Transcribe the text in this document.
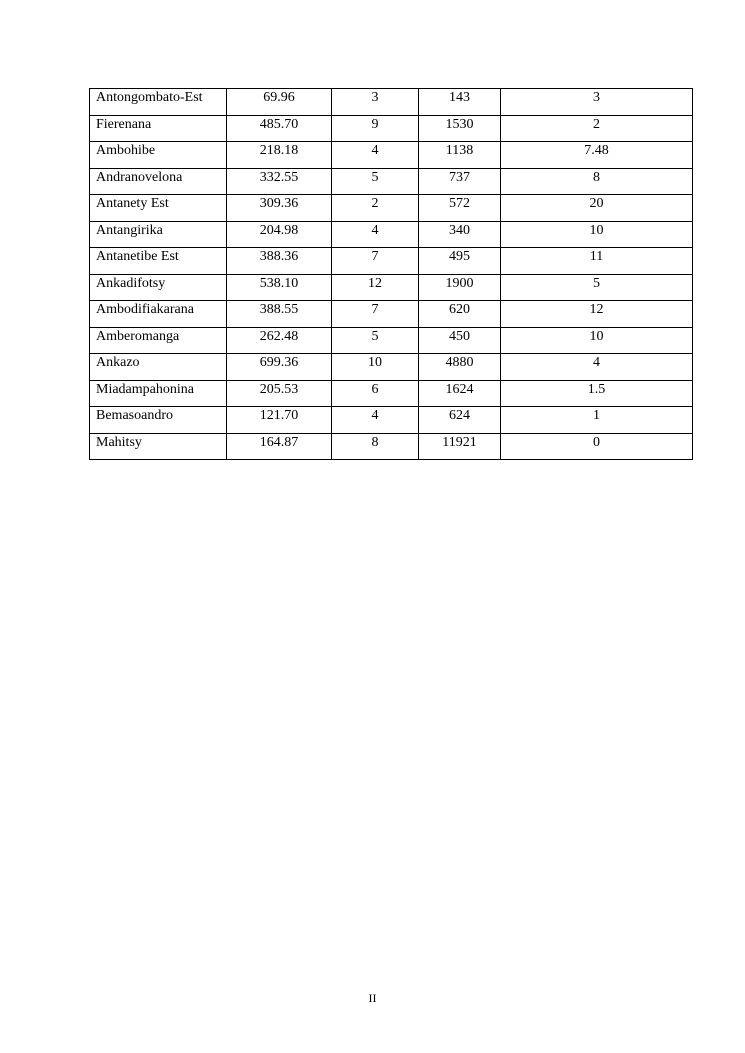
Antongombato-Est	69.96	3	143	3
Fierenana	485.70	9	1530	2
Ambohibe	218.18	4	1138	7.48
Andranovelona	332.55	5	737	8
Antanety Est	309.36	2	572	20
Antangirika	204.98	4	340	10
Antanetibe Est	388.36	7	495	11
Ankadifotsy	538.10	12	1900	5
Ambodifiakarana	388.55	7	620	12
Amberomanga	262.48	5	450	10
Ankazo	699.36	10	4880	4
Miadampahonina	205.53	6	1624	1.5
Bemasoandro	121.70	4	624	1
Mahitsy	164.87	8	11921	0
II
